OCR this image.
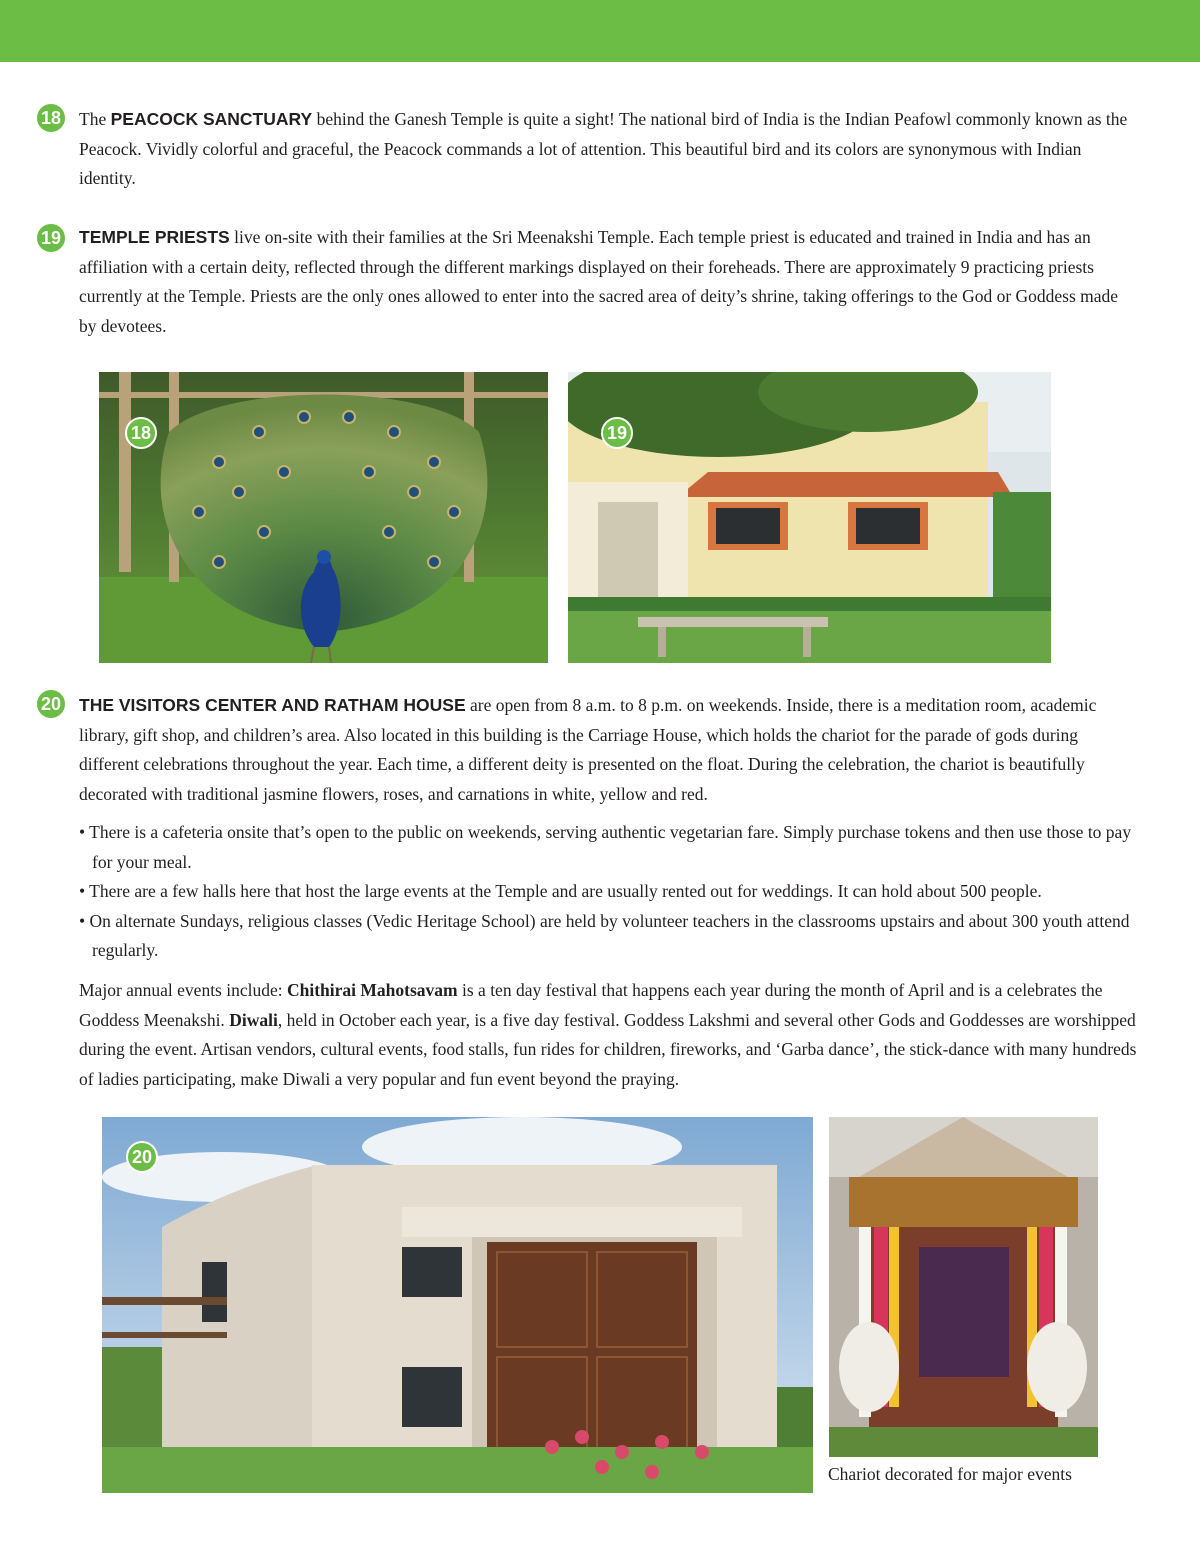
18	The PEACOCK SANCTUARY behind the Ganesh Temple is quite a sight! The national bird of India is the Indian Peafowl commonly known as the Peacock. Vividly colorful and graceful, the Peacock commands a lot of attention. This beautiful bird and its colors are synonymous with Indian identity.

19	TEMPLE PRIESTS live on-site with their families at the Sri Meenakshi Temple. Each temple priest is educated and trained in India and has an affiliation with a certain deity, reflected through the different markings displayed on their foreheads. There are approximately 9 practicing priests currently at the Temple. Priests are the only ones allowed to enter into the sacred area of deity’s shrine, taking offerings to the God or Goddess made by devotees.

18	19
20	THE VISITORS CENTER AND RATHAM HOUSE are open from 8 a.m. to 8 p.m. on weekends. Inside, there is a meditation room, academic library, gift shop, and children’s area. Also located in this building is the Carriage House, which holds the chariot for the parade of gods during different celebrations throughout the year. Each time, a different deity is presented on the float. During the celebration, the chariot is beautifully decorated with traditional jasmine flowers, roses, and carnations in white, yellow and red.

• There is a cafeteria onsite that’s open to the public on weekends, serving authentic vegetarian fare. Simply purchase tokens and then use those to pay for your meal.
• There are a few halls here that host the large events at the Temple and are usually rented out for weddings. It can hold about 500 people.
• On alternate Sundays, religious classes (Vedic Heritage School) are held by volunteer teachers in the classrooms upstairs and about 300 youth attend regularly.

Major annual events include: Chithirai Mahotsavam is a ten day festival that happens each year during the month of April and is a celebrates the Goddess Meenakshi. Diwali, held in October each year, is a five day festival. Goddess Lakshmi and several other Gods and Goddesses are worshipped during the event. Artisan vendors, cultural events, food stalls, fun rides for children, fireworks, and ‘Garba dance’, the stick-dance with many hundreds of ladies participating, make Diwali a very popular and fun event beyond the praying.

20
Chariot decorated for major events
